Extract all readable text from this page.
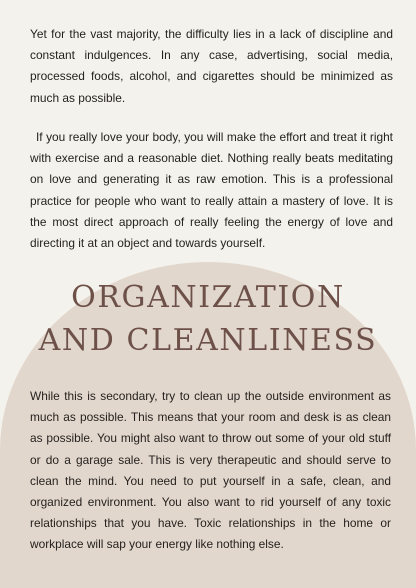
Yet for the vast majority, the difficulty lies in a lack of discipline and constant indulgences. In any case, advertising, social media, processed foods, alcohol, and cigarettes should be minimized as much as possible.

If you really love your body, you will make the effort and treat it right with exercise and a reasonable diet. Nothing really beats meditating on love and generating it as raw emotion. This is a professional practice for people who want to really attain a mastery of love. It is the most direct approach of really feeling the energy of love and directing it at an object and towards yourself.

ORGANIZATION
AND CLEANLINESS

While this is secondary, try to clean up the outside environment as much as possible. This means that your room and desk is as clean as possible. You might also want to throw out some of your old stuff or do a garage sale. This is very therapeutic and should serve to clean the mind. You need to put yourself in a safe, clean, and organized environment. You also want to rid yourself of any toxic relationships that you have. Toxic relationships in the home or workplace will sap your energy like nothing else.
